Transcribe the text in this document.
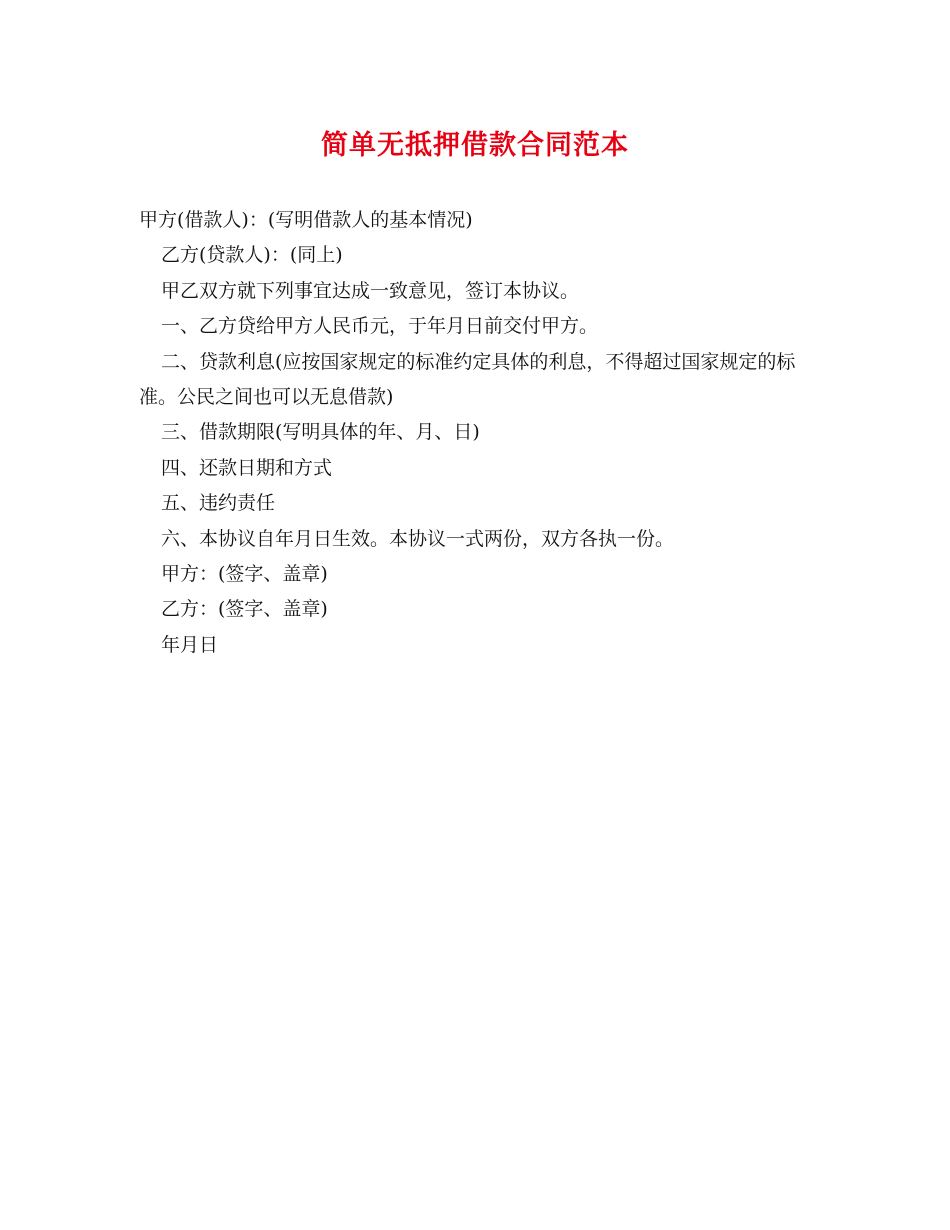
简单无抵押借款合同范本
甲方(借款人)：(写明借款人的基本情况)
乙方(贷款人)：(同上)
甲乙双方就下列事宜达成一致意见，签订本协议。
一、乙方贷给甲方人民币元，于年月日前交付甲方。
二、贷款利息(应按国家规定的标准约定具体的利息，不得超过国家规定的标准。公民之间也可以无息借款)
三、借款期限(写明具体的年、月、日)
四、还款日期和方式
五、违约责任
六、本协议自年月日生效。本协议一式两份，双方各执一份。
甲方：(签字、盖章)
乙方：(签字、盖章)
年月日
